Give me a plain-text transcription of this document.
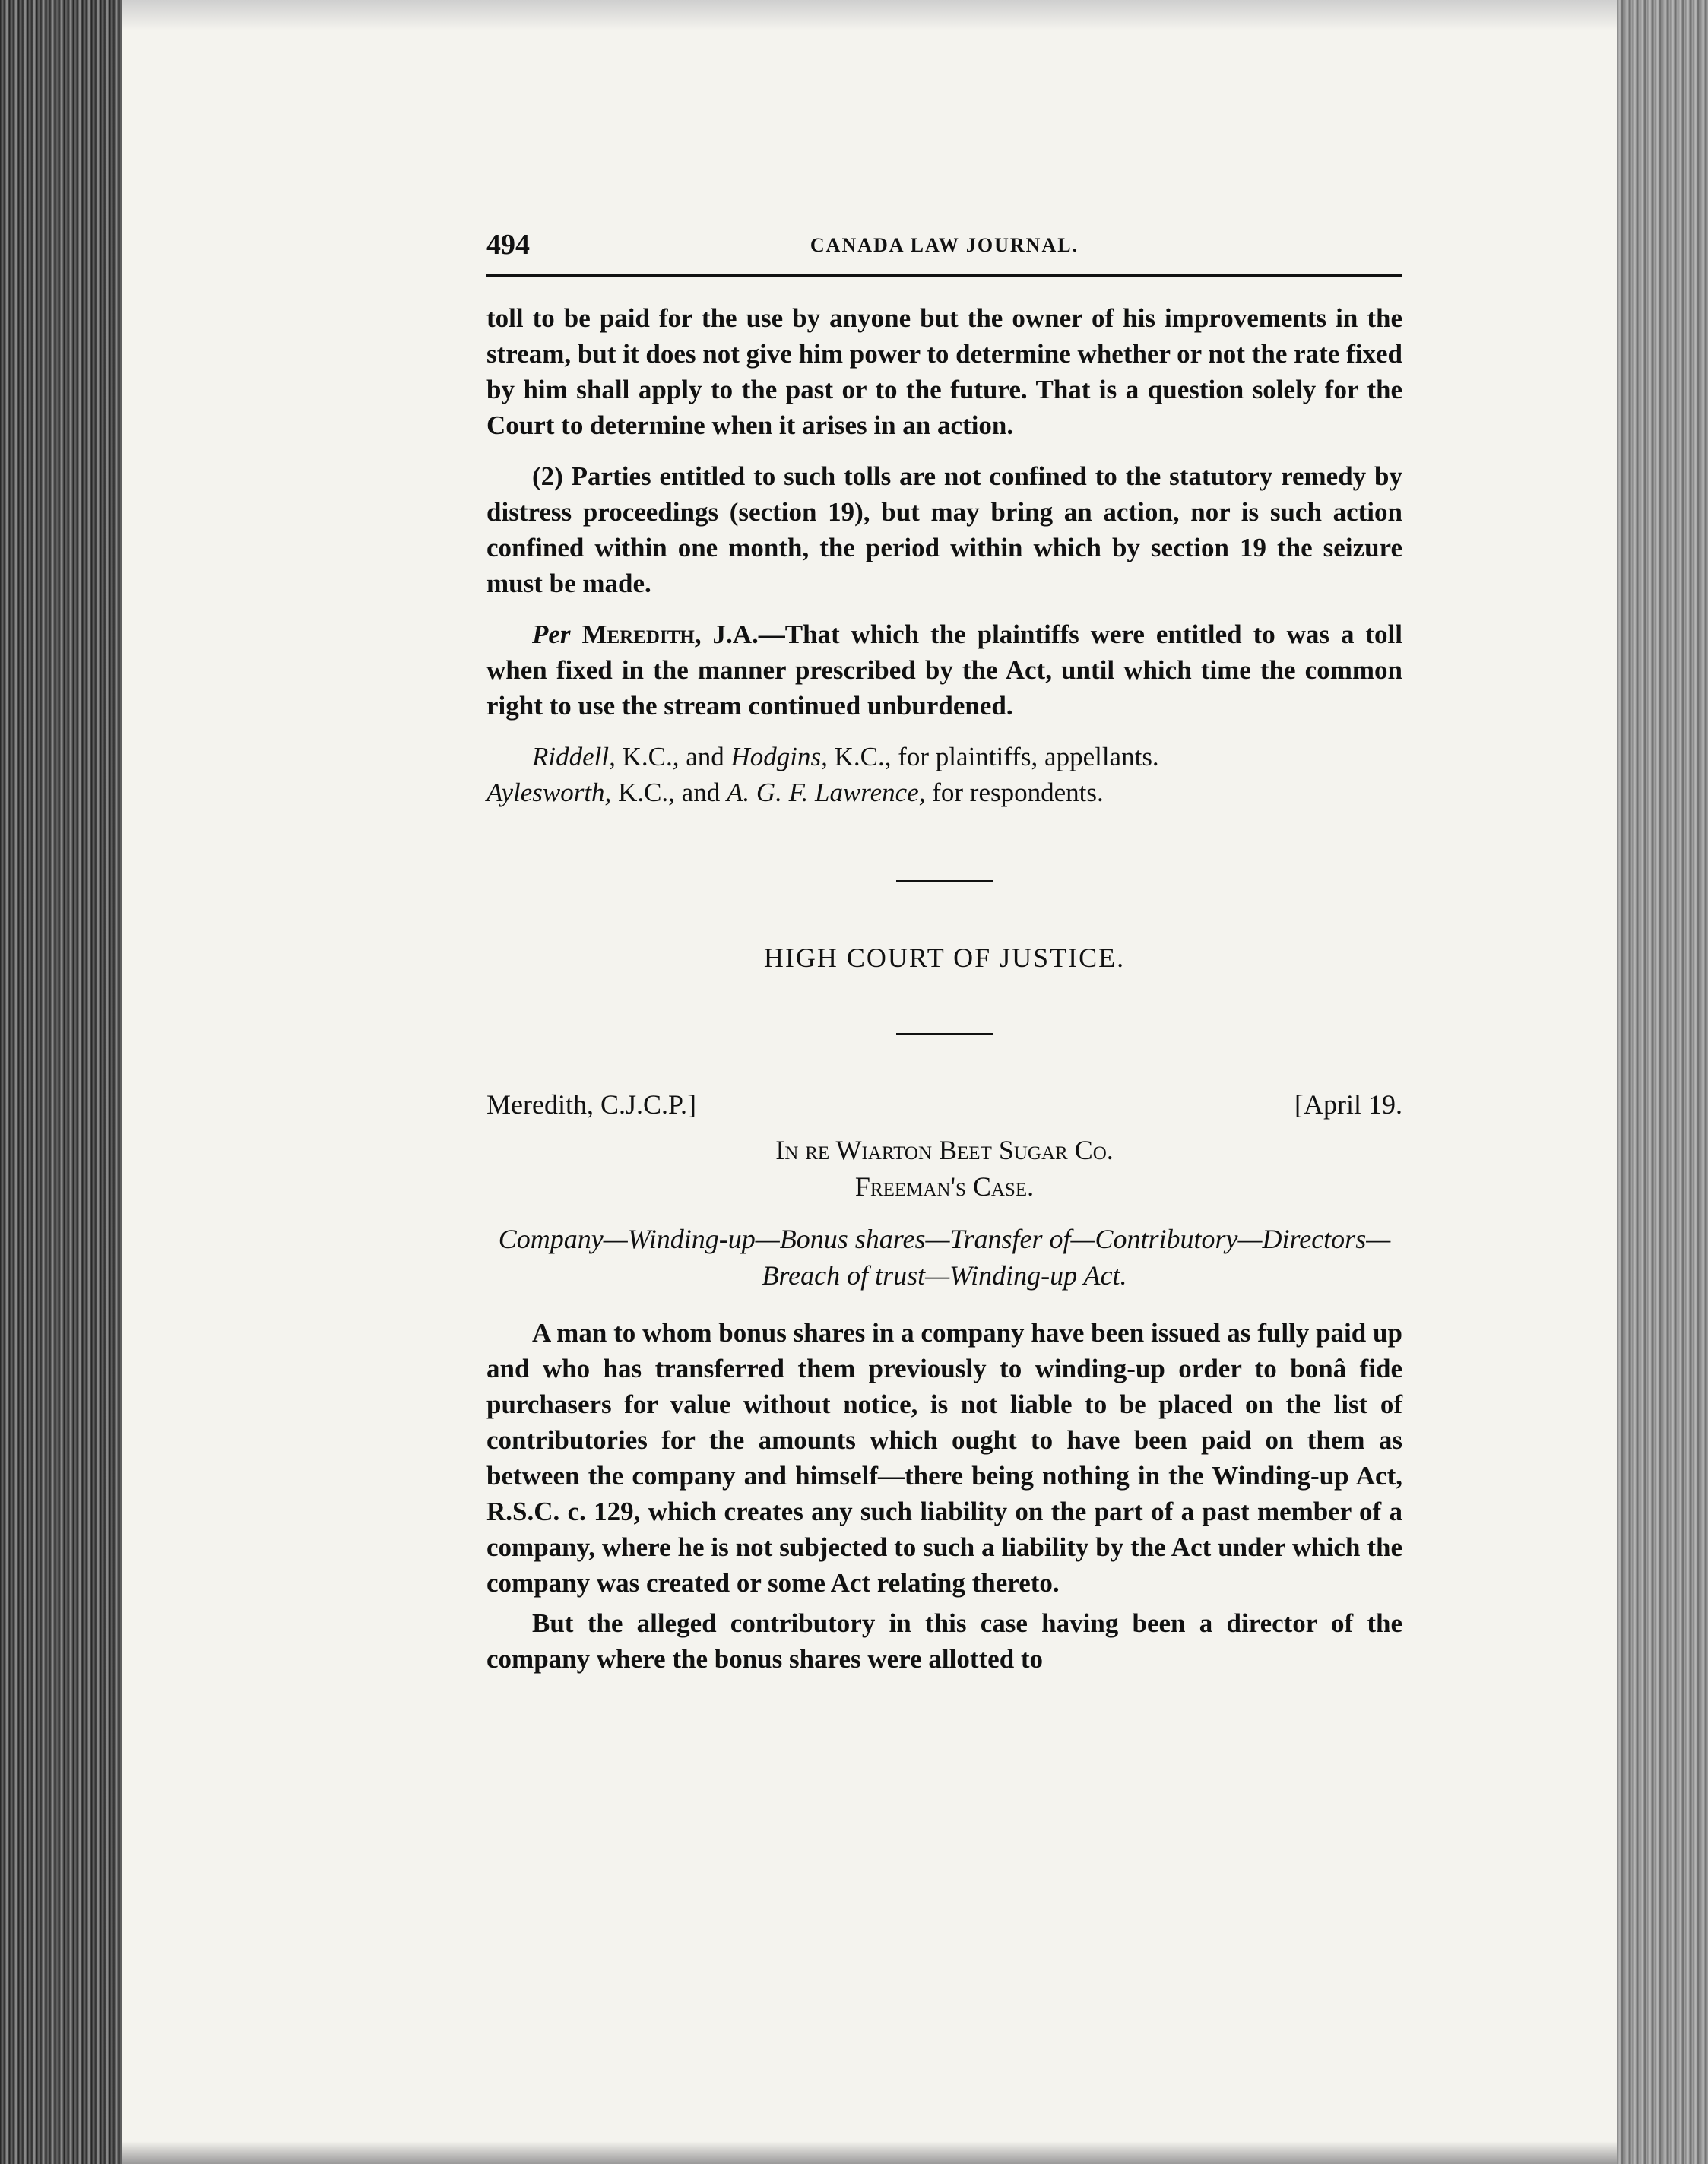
494	CANADA LAW JOURNAL.

toll to be paid for the use by anyone but the owner of his improvements in the stream, but it does not give him power to determine whether or not the rate fixed by him shall apply to the past or to the future. That is a question solely for the Court to determine when it arises in an action.

(2) Parties entitled to such tolls are not confined to the statutory remedy by distress proceedings (section 19), but may bring an action, nor is such action confined within one month, the period within which by section 19 the seizure must be made.

Per Meredith, J.A.—That which the plaintiffs were entitled to was a toll when fixed in the manner prescribed by the Act, until which time the common right to use the stream continued unburdened.

Riddell, K.C., and Hodgins, K.C., for plaintiffs, appellants.

Aylesworth, K.C., and A. G. F. Lawrence, for respondents.

HIGH COURT OF JUSTICE.
Meredith, C.J.C.P.]	[April 19.
In re Wiarton Beet Sugar Co.
Freeman's Case.
Company—Winding-up—Bonus shares—Transfer of—Contributory—Directors—Breach of trust—Winding-up Act.

A man to whom bonus shares in a company have been issued as fully paid up and who has transferred them previously to winding-up order to bonâ fide purchasers for value without notice, is not liable to be placed on the list of contributories for the amounts which ought to have been paid on them as between the company and himself—there being nothing in the Winding-up Act, R.S.C. c. 129, which creates any such liability on the part of a past member of a company, where he is not subjected to such a liability by the Act under which the company was created or some Act relating thereto.

But the alleged contributory in this case having been a director of the company where the bonus shares were allotted to
